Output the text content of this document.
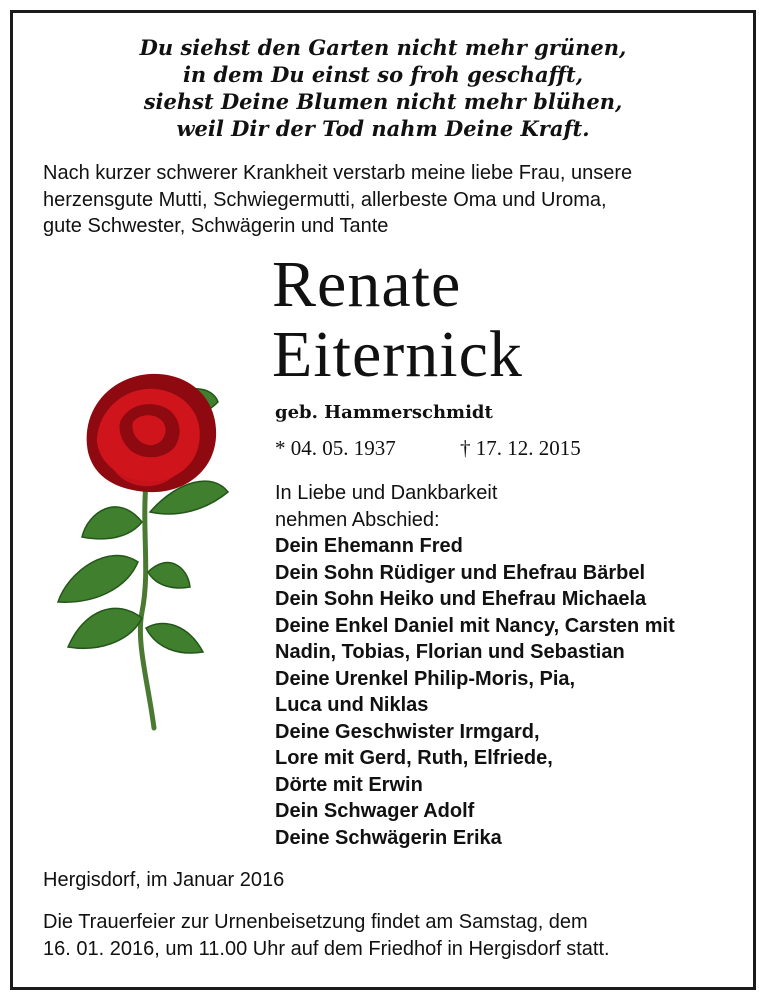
Du siehst den Garten nicht mehr grünen,
in dem Du einst so froh geschafft,
siehst Deine Blumen nicht mehr blühen,
weil Dir der Tod nahm Deine Kraft.
Nach kurzer schwerer Krankheit verstarb meine liebe Frau, unsere
herzensgute Mutti, Schwiegermutti, allerbeste Oma und Uroma,
gute Schwester, Schwägerin und Tante
Renate
Eiternick
geb. Hammerschmidt
* 04. 05. 1937	† 17. 12. 2015
In Liebe und Dankbarkeit
nehmen Abschied:
Dein Ehemann Fred
Dein Sohn Rüdiger und Ehefrau Bärbel
Dein Sohn Heiko und Ehefrau Michaela
Deine Enkel Daniel mit Nancy, Carsten mit
Nadin, Tobias, Florian und Sebastian
Deine Urenkel Philip-Moris, Pia,
Luca und Niklas
Deine Geschwister Irmgard,
Lore mit Gerd, Ruth, Elfriede,
Dörte mit Erwin
Dein Schwager Adolf
Deine Schwägerin Erika
Hergisdorf, im Januar 2016
Die Trauerfeier zur Urnenbeisetzung findet am Samstag, dem
16. 01. 2016, um 11.00 Uhr auf dem Friedhof in Hergisdorf statt.
